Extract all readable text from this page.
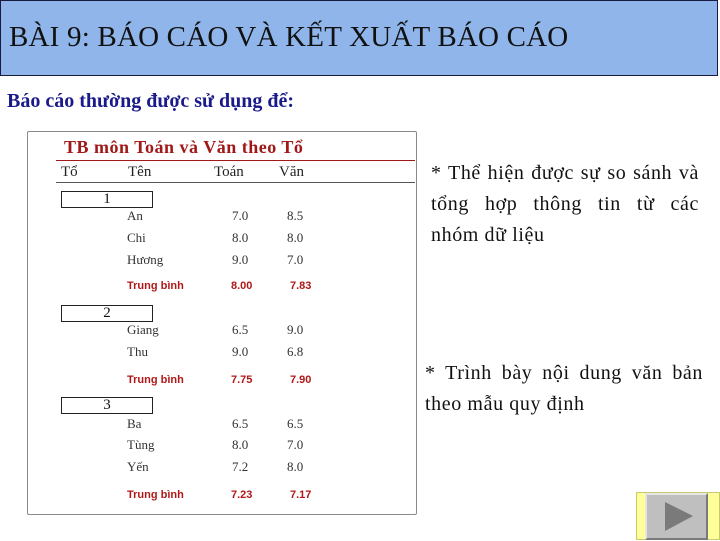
BÀI 9: BÁO CÁO VÀ KẾT XUẤT BÁO CÁO
Báo cáo thường được sử dụng để:
TB môn Toán và Văn theo Tổ
Tổ	Tên	Toán Văn
1
An	7.0	8.5
Chi	8.0	8.0
Hương	9.0	7.0
Trung bình	8.00	7.83
2
Giang	6.5	9.0
Thu	9.0	6.8
Trung bình	7.75	7.90
3
Ba	6.5	6.5
Tùng	8.0	7.0
Yến	7.2	8.0
Trung bình	7.23	7.17
* Thể hiện được sự so sánh và tổng hợp thông tin từ các nhóm dữ liệu
* Trình bày nội dung văn bản theo mẫu quy định
